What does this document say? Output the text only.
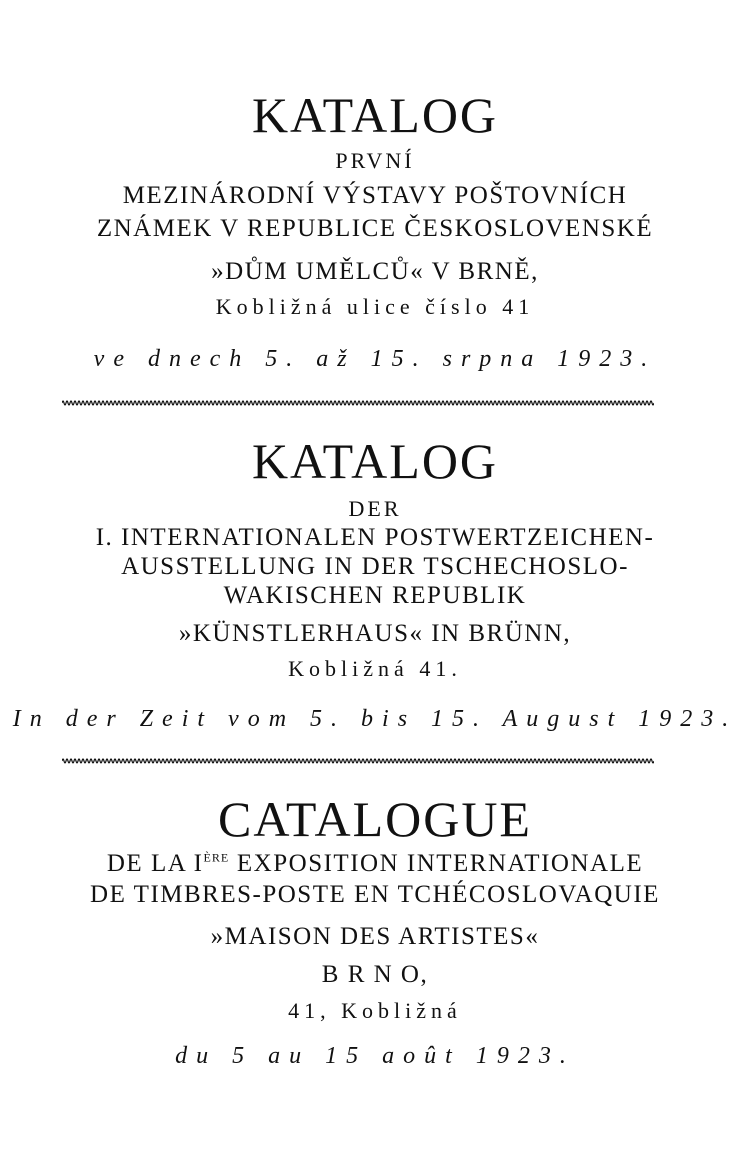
KATALOG
PRVNÍ
MEZINÁRODNÍ VÝSTAVY POŠTOVNÍCH
ZNÁMEK V REPUBLICE ČESKOSLOVENSKÉ
»DŮM UMĚLCŮ« V BRNĚ,
Kobližná ulice číslo 41
ve dnech 5. až 15. srpna 1923.
KATALOG
DER
I. INTERNATIONALEN POSTWERTZEICHEN-
AUSSTELLUNG IN DER TSCHECHOSLO-
WAKISCHEN REPUBLIK
»KÜNSTLERHAUS« IN BRÜNN,
Kobližná 41.
In der Zeit vom 5. bis 15. August 1923.
CATALOGUE
DE LA IÈRE EXPOSITION INTERNATIONALE
DE TIMBRES-POSTE EN TCHÉCOSLOVAQUIE
»MAISON DES ARTISTES«
B R N O,
41, Kobližná
du 5 au 15 août 1923.
